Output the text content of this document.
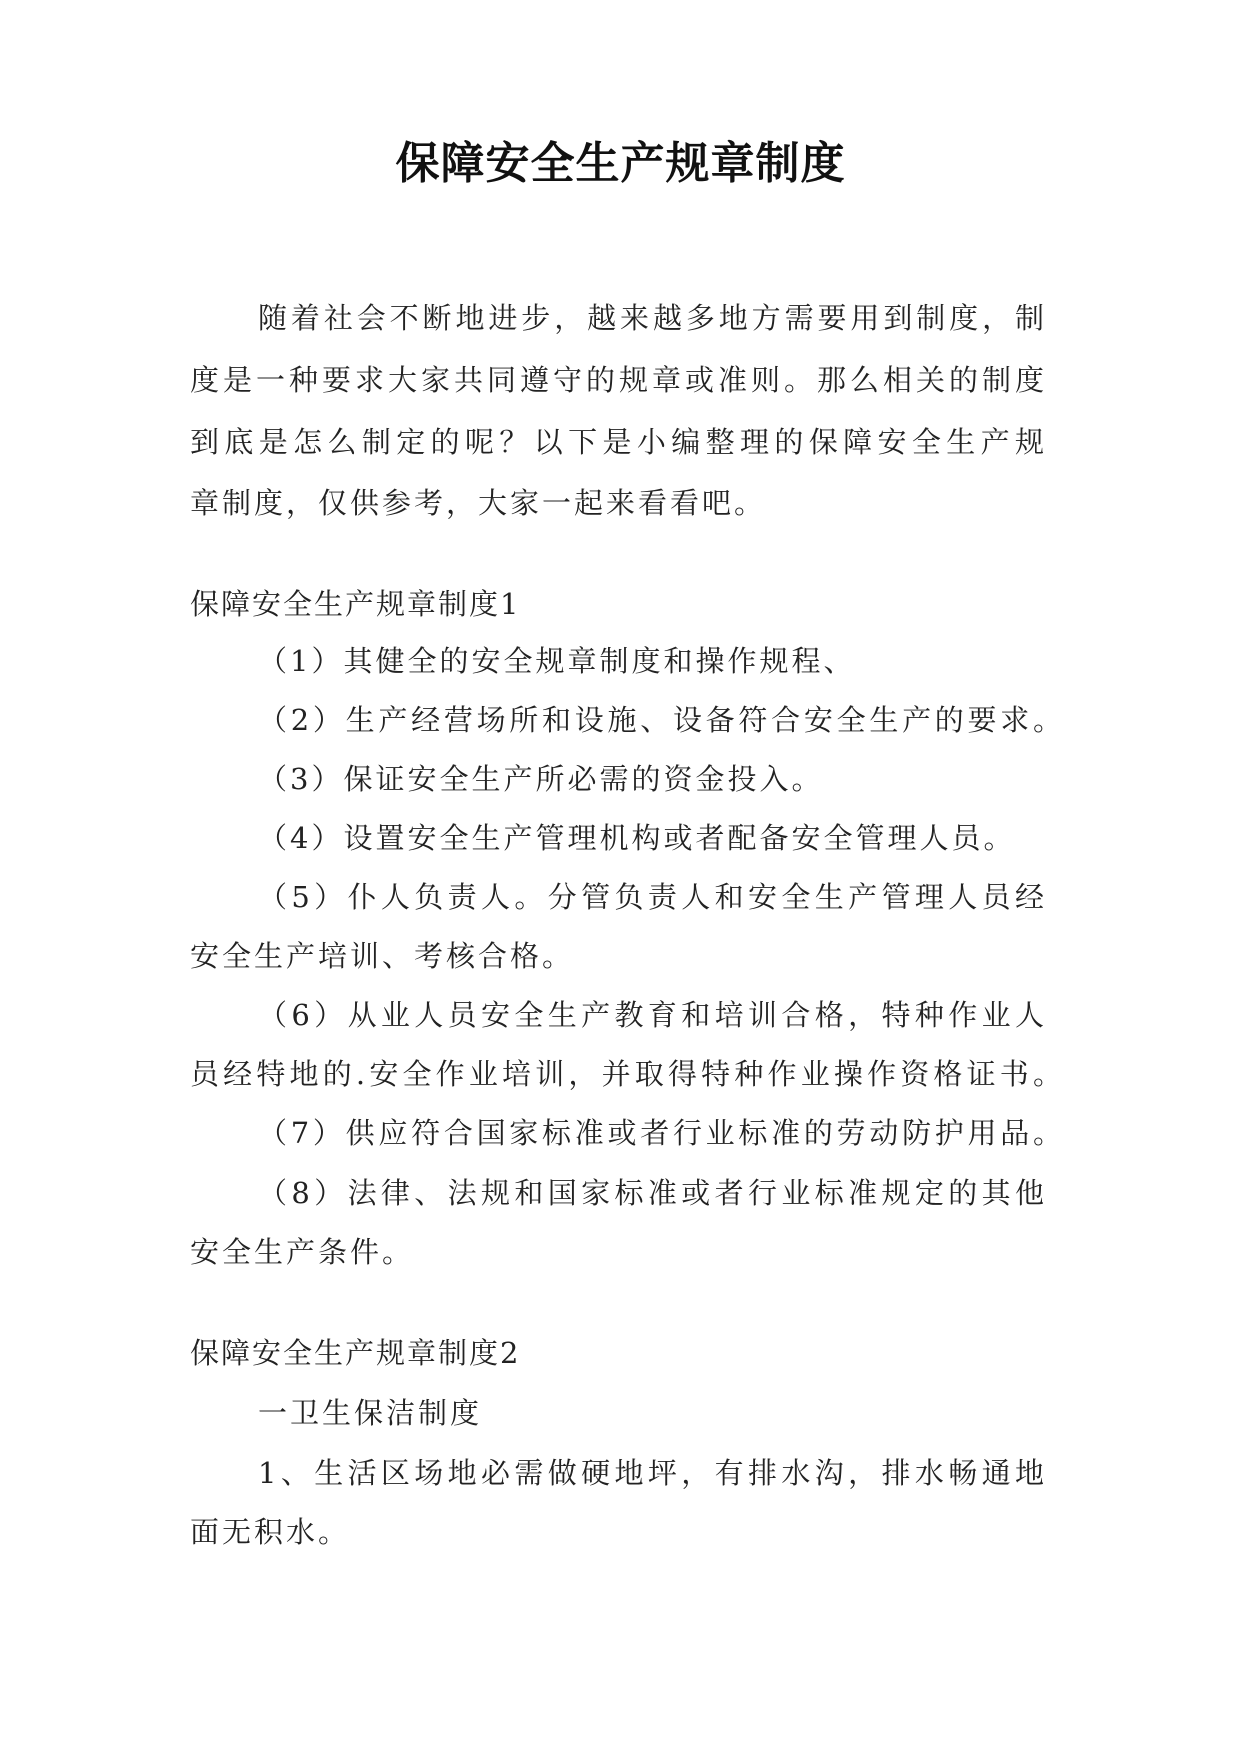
保障安全生产规章制度
随着社会不断地进步，越来越多地方需要用到制度，制
度是一种要求大家共同遵守的规章或准则。那么相关的制度
到底是怎么制定的呢？以下是小编整理的保障安全生产规
章制度，仅供参考，大家一起来看看吧。
保障安全生产规章制度1
（1）其健全的安全规章制度和操作规程、
（2）生产经营场所和设施、设备符合安全生产的要求。
（3）保证安全生产所必需的资金投入。
（4）设置安全生产管理机构或者配备安全管理人员。
（5）仆人负责人。分管负责人和安全生产管理人员经
安全生产培训、考核合格。
（6）从业人员安全生产教育和培训合格，特种作业人
员经特地的.安全作业培训，并取得特种作业操作资格证书。
（7）供应符合国家标准或者行业标准的劳动防护用品。
（8）法律、法规和国家标准或者行业标准规定的其他
安全生产条件。
保障安全生产规章制度2
一卫生保洁制度
1、生活区场地必需做硬地坪，有排水沟，排水畅通地
面无积水。
